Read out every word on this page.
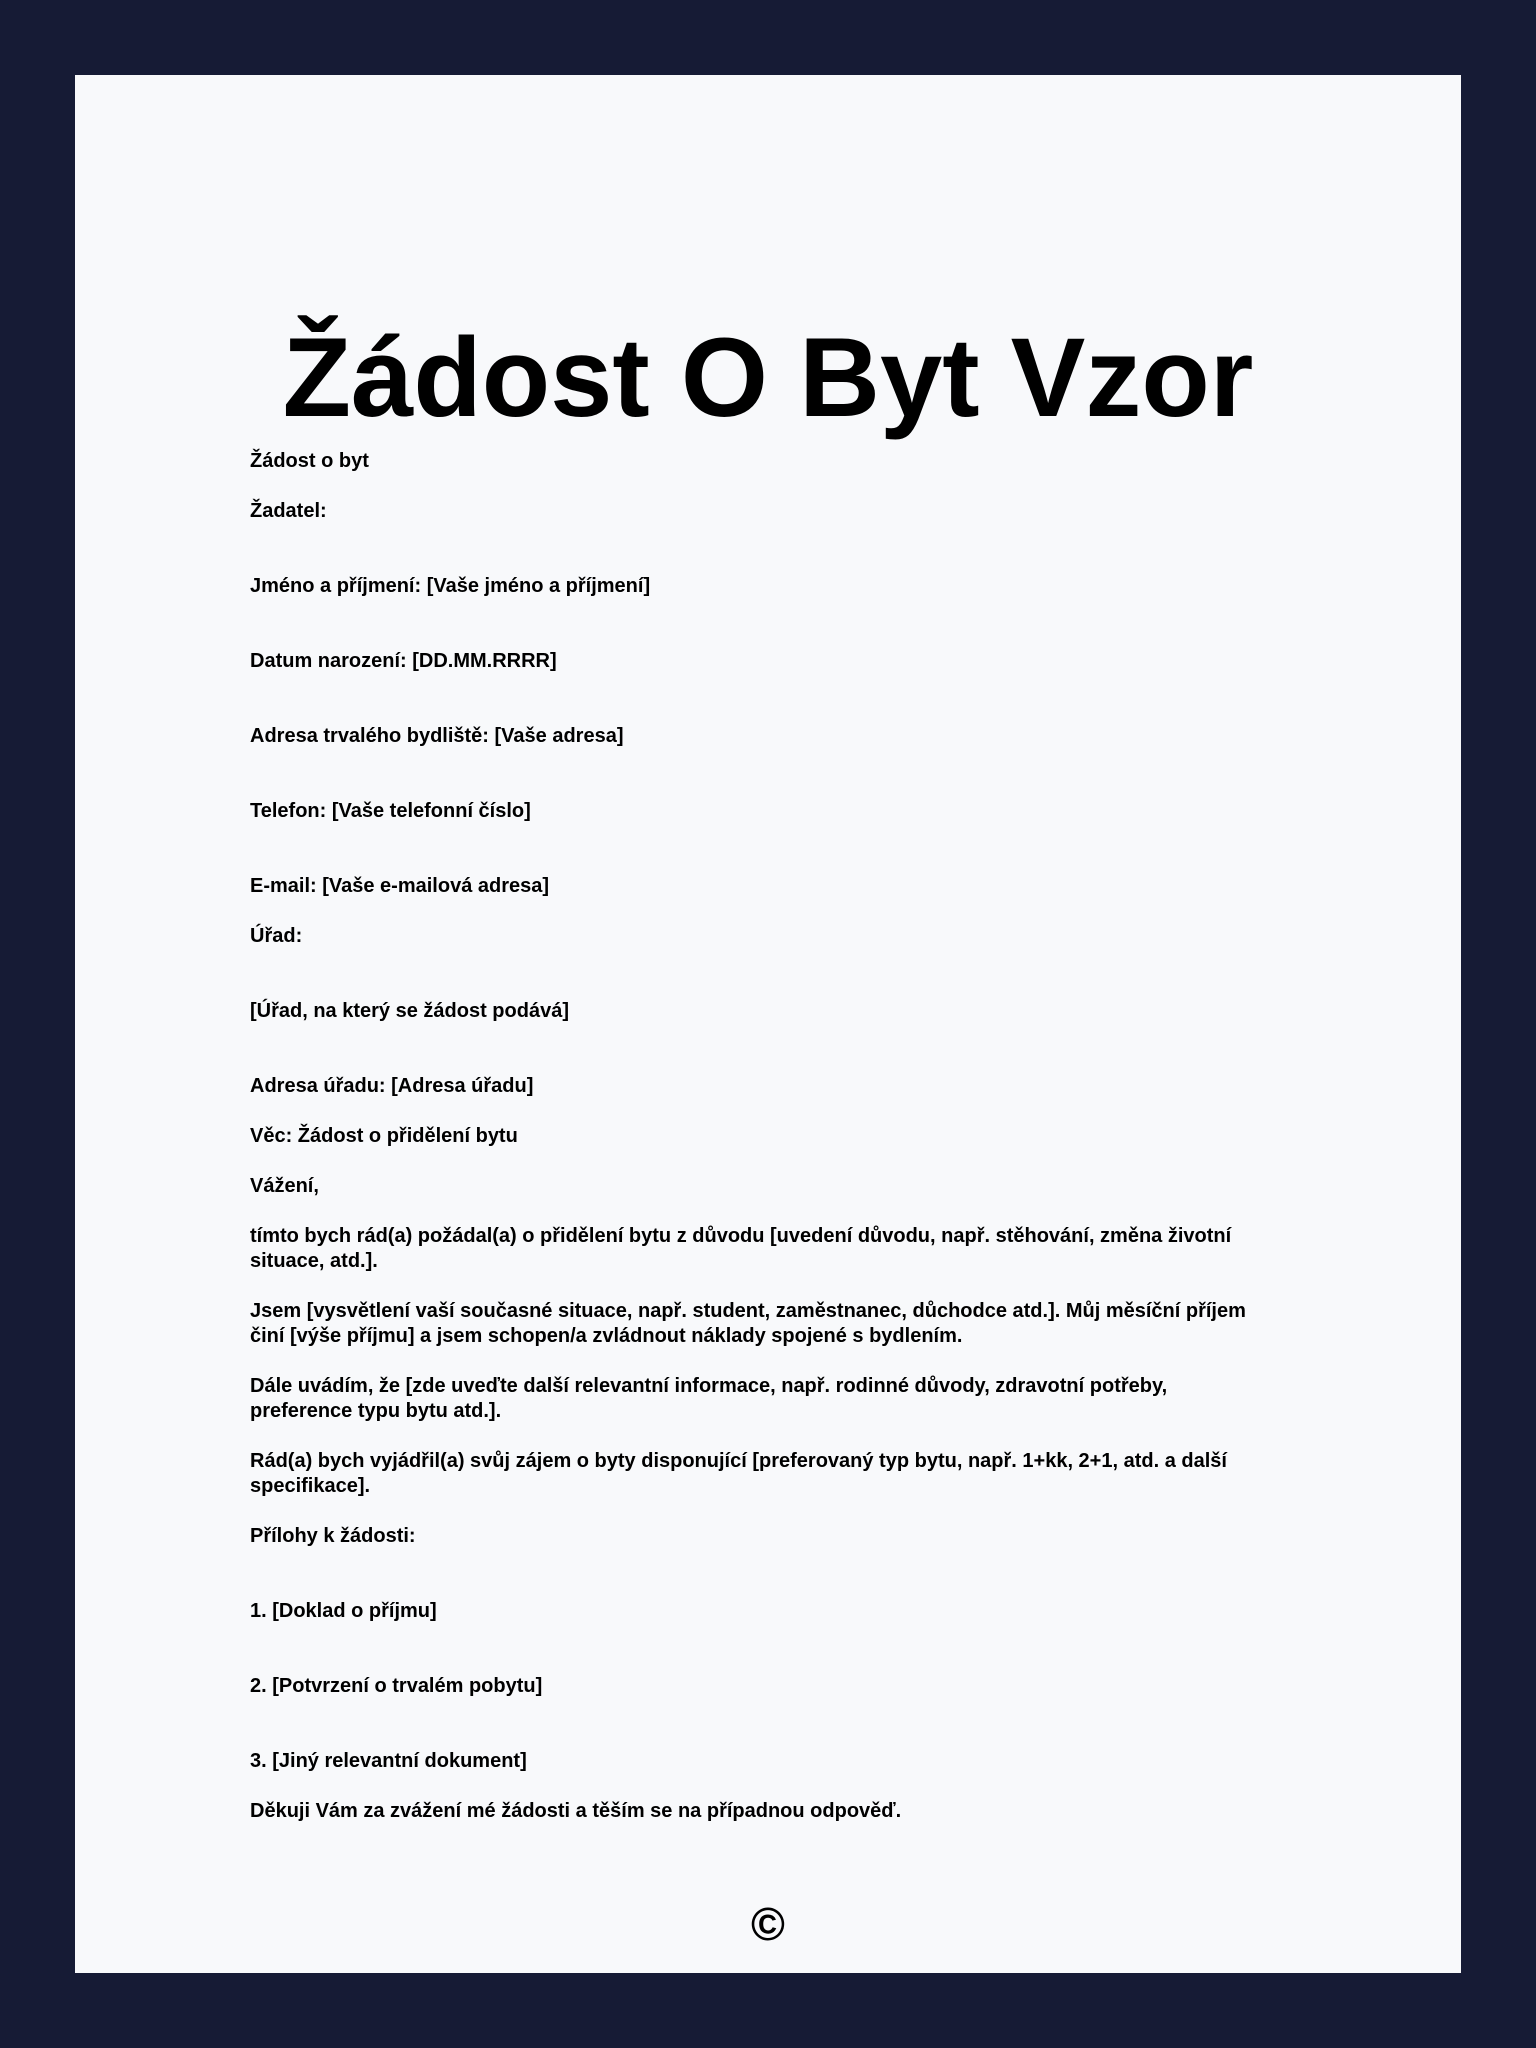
Žádost O Byt Vzor
Žádost o byt
Žadatel:
Jméno a příjmení: [Vaše jméno a příjmení]
Datum narození: [DD.MM.RRRR]
Adresa trvalého bydliště: [Vaše adresa]
Telefon: [Vaše telefonní číslo]
E-mail: [Vaše e-mailová adresa]
Úřad:
[Úřad, na který se žádost podává]
Adresa úřadu: [Adresa úřadu]
Věc: Žádost o přidělení bytu
Vážení,
tímto bych rád(a) požádal(a) o přidělení bytu z důvodu [uvedení důvodu, např. stěhování, změna životní situace, atd.].
Jsem [vysvětlení vaší současné situace, např. student, zaměstnanec, důchodce atd.]. Můj měsíční příjem činí [výše příjmu] a jsem schopen/a zvládnout náklady spojené s bydlením.
Dále uvádím, že [zde uveďte další relevantní informace, např. rodinné důvody, zdravotní potřeby, preference typu bytu atd.].
Rád(a) bych vyjádřil(a) svůj zájem o byty disponující [preferovaný typ bytu, např. 1+kk, 2+1, atd. a další specifikace].
Přílohy k žádosti:
1. [Doklad o příjmu]
2. [Potvrzení o trvalém pobytu]
3. [Jiný relevantní dokument]
Děkuji Vám za zvážení mé žádosti a těším se na případnou odpověď.
©
